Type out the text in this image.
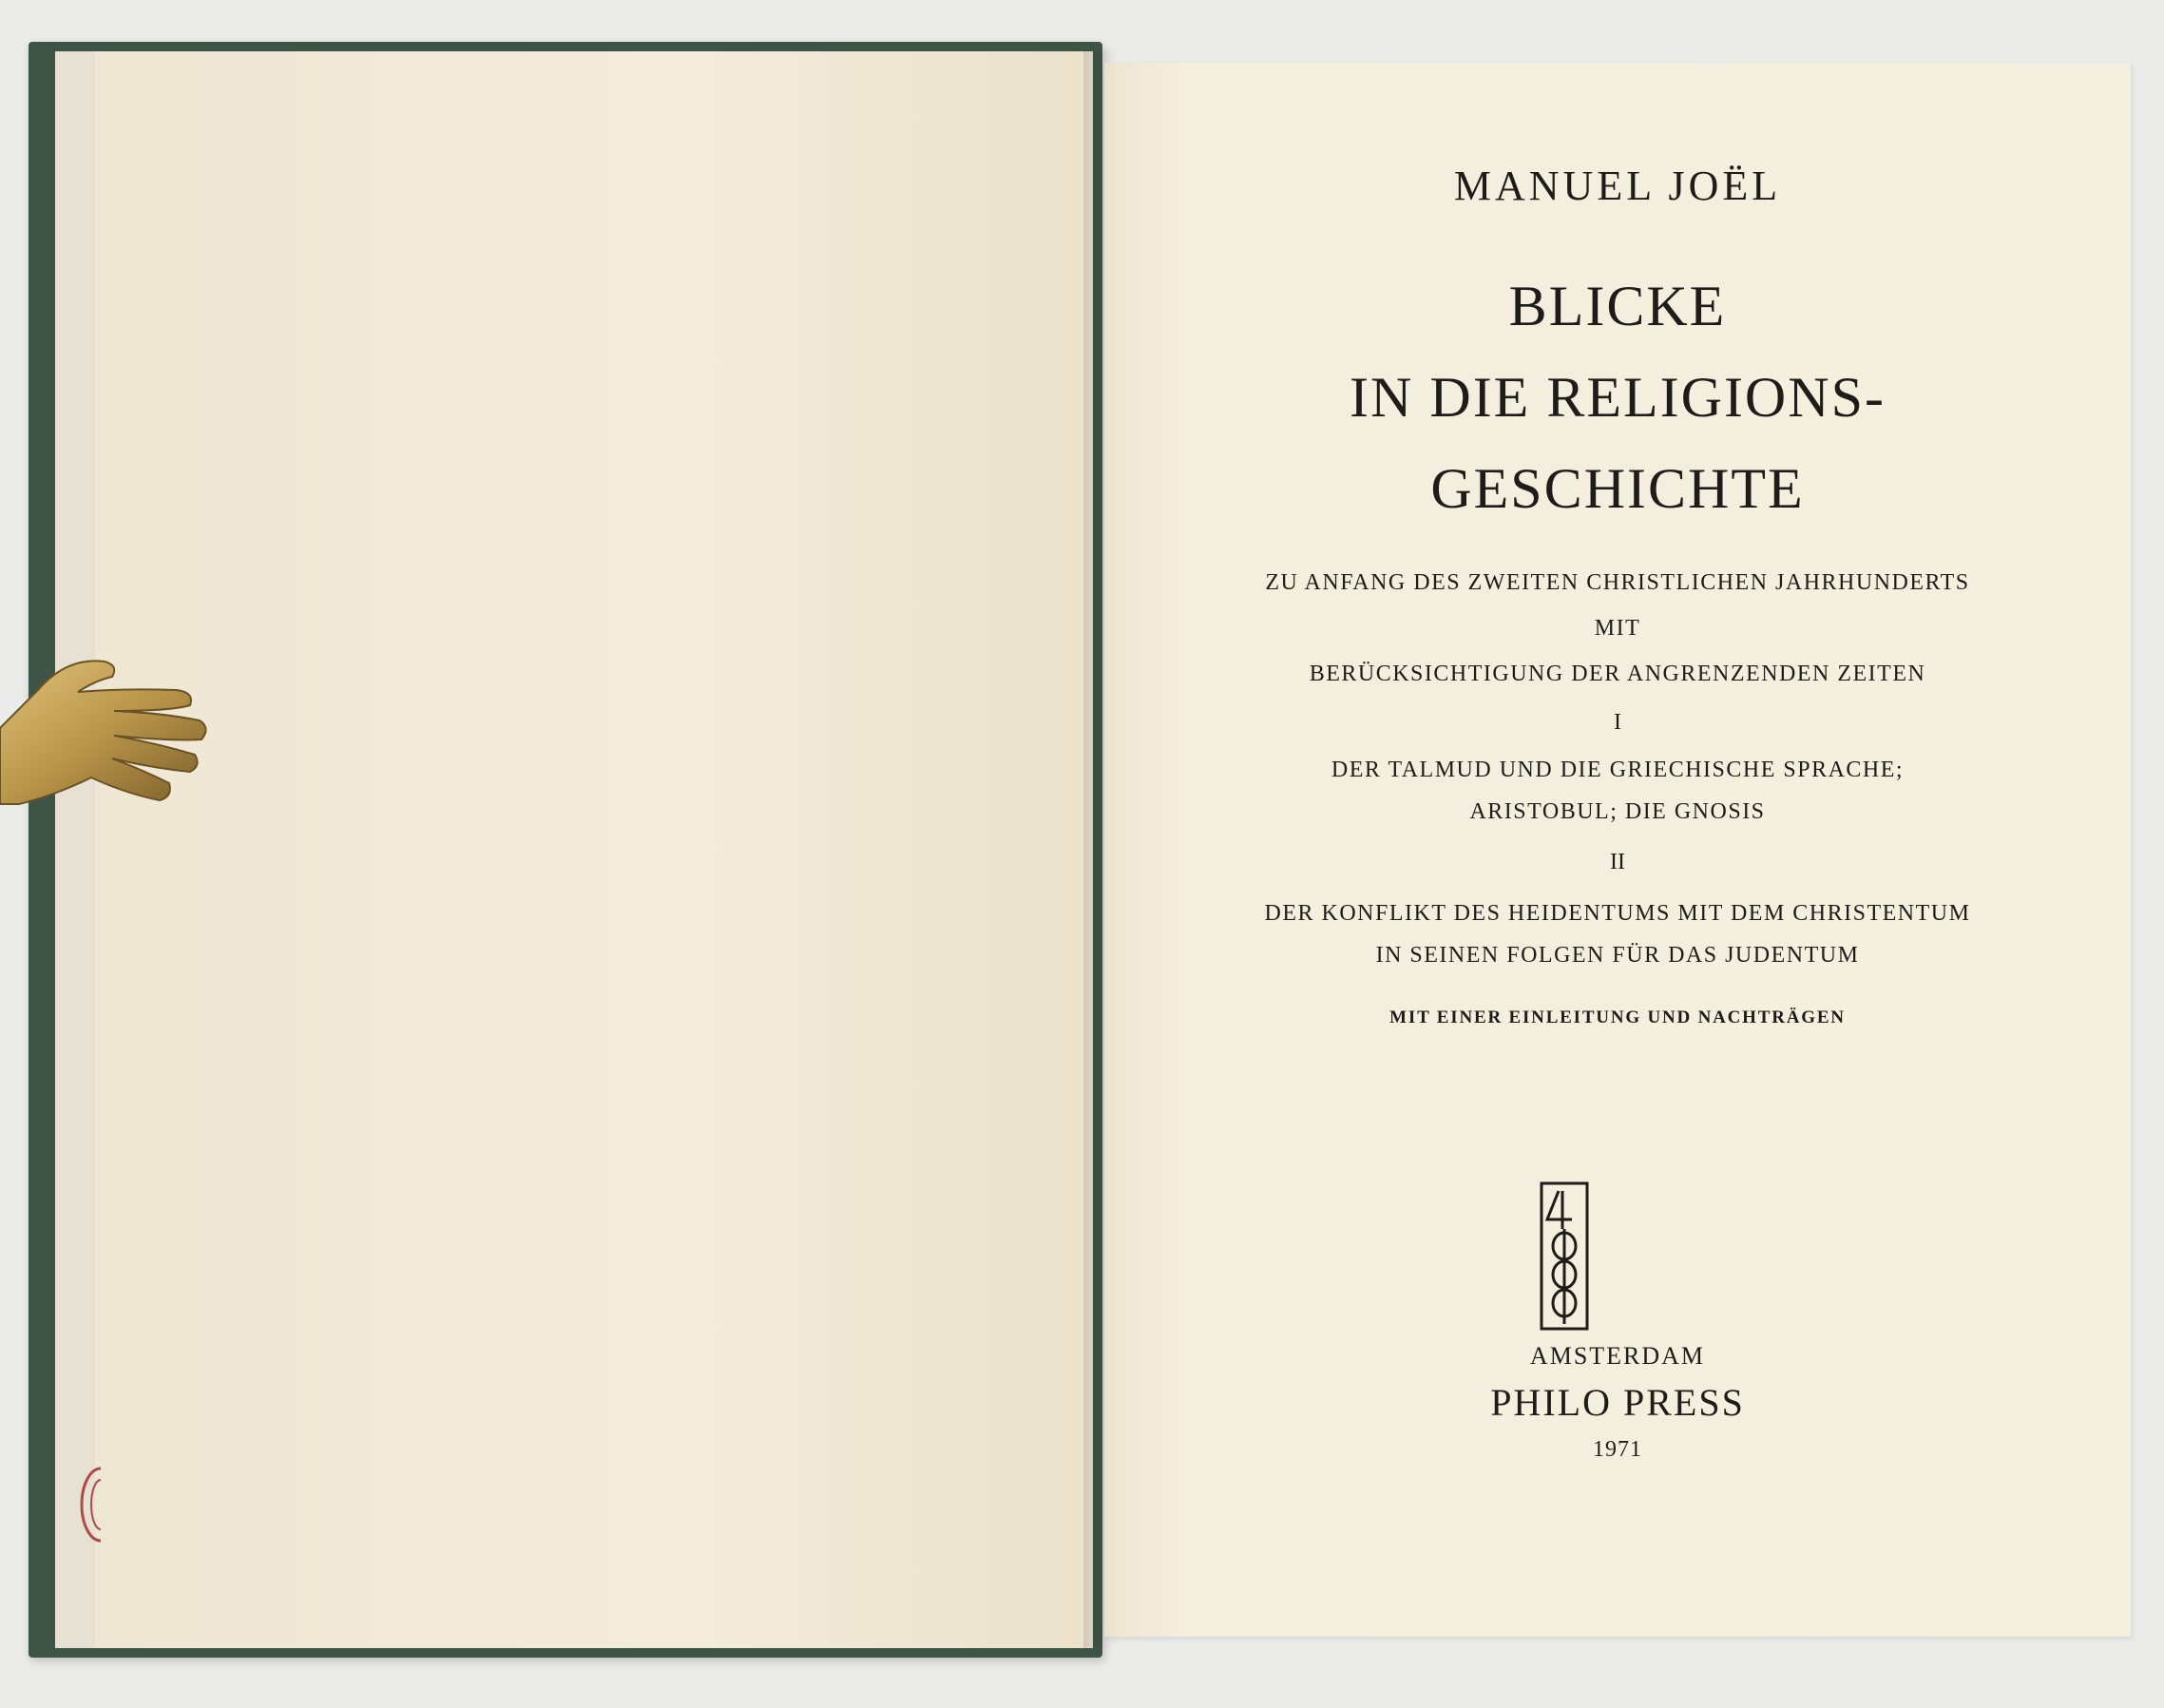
MANUEL JOËL
BLICKE
IN DIE RELIGIONS-
GESCHICHTE
ZU ANFANG DES ZWEITEN CHRISTLICHEN JAHRHUNDERTS
MIT
BERÜCKSICHTIGUNG DER ANGRENZENDEN ZEITEN
I
DER TALMUD UND DIE GRIECHISCHE SPRACHE;
ARISTOBUL; DIE GNOSIS
II
DER KONFLIKT DES HEIDENTUMS MIT DEM CHRISTENTUM
IN SEINEN FOLGEN FÜR DAS JUDENTUM
MIT EINER EINLEITUNG UND NACHTRÄGEN
4000
AMSTERDAM
PHILO PRESS
1971
